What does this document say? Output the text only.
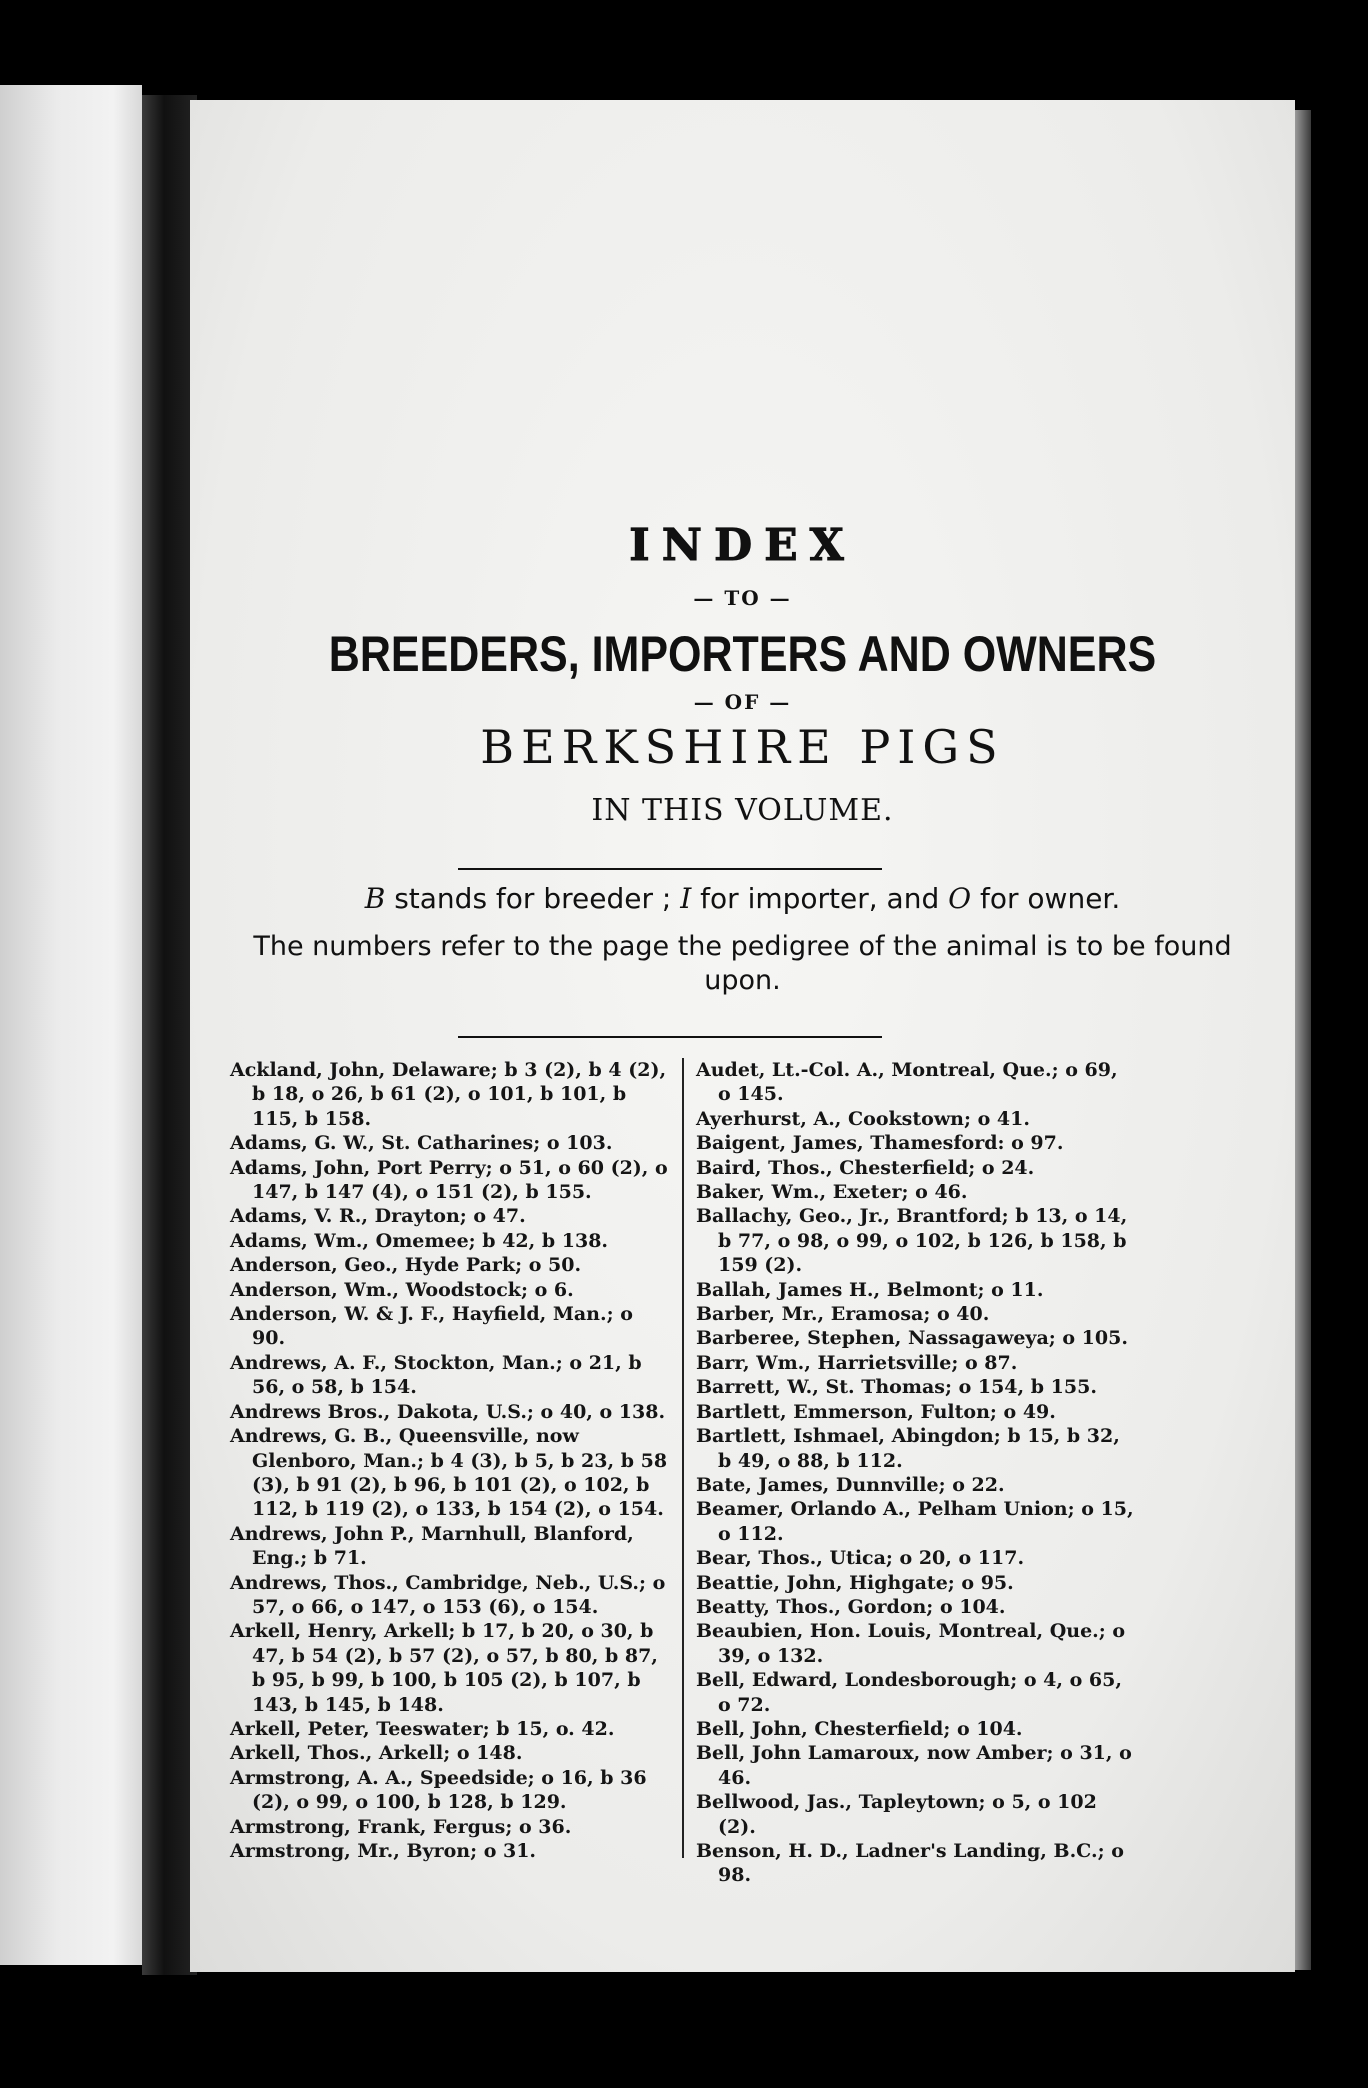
INDEX
— TO —
BREEDERS, IMPORTERS AND OWNERS
— OF —
BERKSHIRE PIGS
IN THIS VOLUME.
B stands for breeder ; I for importer, and O for owner.
The numbers refer to the page the pedigree of the animal is to be found upon.
Ackland, John, Delaware; b 3 (2), b 4 (2), b 18, o 26, b 61 (2), o 101, b 101, b 115, b 158.
Adams, G. W., St. Catharines; o 103.
Adams, John, Port Perry; o 51, o 60 (2), o 147, b 147 (4), o 151 (2), b 155.
Adams, V. R., Drayton; o 47.
Adams, Wm., Omemee; b 42, b 138.
Anderson, Geo., Hyde Park; o 50.
Anderson, Wm., Woodstock; o 6.
Anderson, W. & J. F., Hayfield, Man.; o 90.
Andrews, A. F., Stockton, Man.; o 21, b 56, o 58, b 154.
Andrews Bros., Dakota, U.S.; o 40, o 138.
Andrews, G. B., Queensville, now Glenboro, Man.; b 4 (3), b 5, b 23, b 58 (3), b 91 (2), b 96, b 101 (2), o 102, b 112, b 119 (2), o 133, b 154 (2), o 154.
Andrews, John P., Marnhull, Blanford, Eng.; b 71.
Andrews, Thos., Cambridge, Neb., U.S.; o 57, o 66, o 147, o 153 (6), o 154.
Arkell, Henry, Arkell; b 17, b 20, o 30, b 47, b 54 (2), b 57 (2), o 57, b 80, b 87, b 95, b 99, b 100, b 105 (2), b 107, b 143, b 145, b 148.
Arkell, Peter, Teeswater; b 15, o. 42.
Arkell, Thos., Arkell; o 148.
Armstrong, A. A., Speedside; o 16, b 36 (2), o 99, o 100, b 128, b 129.
Armstrong, Frank, Fergus; o 36.
Armstrong, Mr., Byron; o 31.
Audet, Lt.-Col. A., Montreal, Que.; o 69, o 145.
Ayerhurst, A., Cookstown; o 41.
Baigent, James, Thamesford: o 97.
Baird, Thos., Chesterfield; o 24.
Baker, Wm., Exeter; o 46.
Ballachy, Geo., Jr., Brantford; b 13, o 14, b 77, o 98, o 99, o 102, b 126, b 158, b 159 (2).
Ballah, James H., Belmont; o 11.
Barber, Mr., Eramosa; o 40.
Barberee, Stephen, Nassagaweya; o 105.
Barr, Wm., Harrietsville; o 87.
Barrett, W., St. Thomas; o 154, b 155.
Bartlett, Emmerson, Fulton; o 49.
Bartlett, Ishmael, Abingdon; b 15, b 32, b 49, o 88, b 112.
Bate, James, Dunnville; o 22.
Beamer, Orlando A., Pelham Union; o 15, o 112.
Bear, Thos., Utica; o 20, o 117.
Beattie, John, Highgate; o 95.
Beatty, Thos., Gordon; o 104.
Beaubien, Hon. Louis, Montreal, Que.; o 39, o 132.
Bell, Edward, Londesborough; o 4, o 65, o 72.
Bell, John, Chesterfield; o 104.
Bell, John Lamaroux, now Amber; o 31, o 46.
Bellwood, Jas., Tapleytown; o 5, o 102 (2).
Benson, H. D., Ladner's Landing, B.C.; o 98.
